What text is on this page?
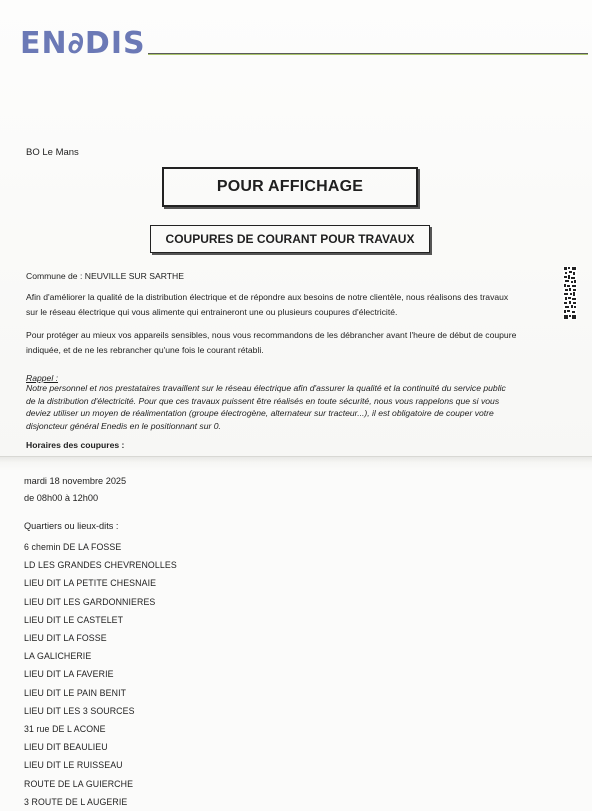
EN∂DIS
BO Le Mans
POUR AFFICHAGE
COUPURES DE COURANT POUR TRAVAUX
Commune de : NEUVILLE SUR SARTHE
Afin d'améliorer la qualité de la distribution électrique et de répondre aux besoins de notre clientèle, nous réalisons des travaux
sur le réseau électrique qui vous alimente qui entraineront une ou plusieurs coupures d'électricité.
Pour protéger au mieux vos appareils sensibles, nous vous recommandons de les débrancher avant l'heure de début de coupure
indiquée, et de ne les rebrancher qu'une fois le courant rétabli.
Rappel :
Notre personnel et nos prestataires travaillent sur le réseau électrique afin d'assurer la qualité et la continuité du service public
de la distribution d'électricité. Pour que ces travaux puissent être réalisés en toute sécurité, nous vous rappelons que si vous
deviez utiliser un moyen de réalimentation (groupe électrogène, alternateur sur tracteur...), il est obligatoire de couper votre
disjoncteur général Enedis en le positionnant sur 0.
Horaires des coupures :
mardi 18 novembre 2025
de 08h00 à 12h00
Quartiers ou lieux-dits :
6 chemin DE LA FOSSE
LD LES GRANDES CHEVRENOLLES
LIEU DIT LA PETITE CHESNAIE
LIEU DIT LES GARDONNIERES
LIEU DIT LE CASTELET
LIEU DIT LA FOSSE
LA GALICHERIE
LIEU DIT LA FAVERIE
LIEU DIT LE PAIN BENIT
LIEU DIT LES 3 SOURCES
31 rue DE L ACONE
LIEU DIT BEAULIEU
LIEU DIT LE RUISSEAU
ROUTE DE LA GUIERCHE
3 ROUTE DE L AUGERIE
